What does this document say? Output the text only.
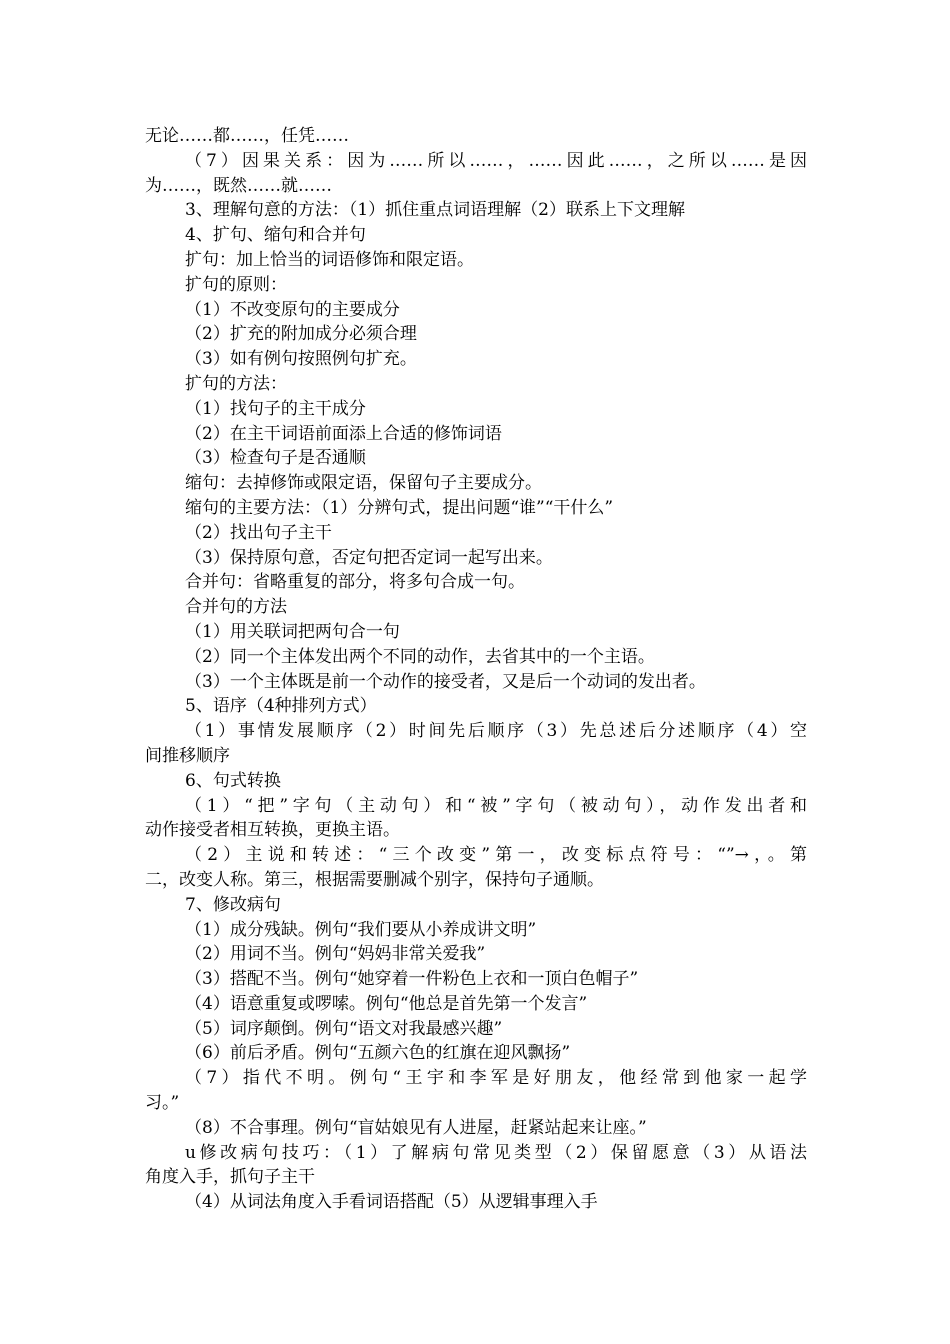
无论……都……，任凭……
（7）因果关系：因为……所以……，……因此……，之所以……是因
为……，既然……就……
3、理解句意的方法：（1）抓住重点词语理解（2）联系上下文理解
4、扩句、缩句和合并句
扩句：加上恰当的词语修饰和限定语。
扩句的原则：
（1）不改变原句的主要成分
（2）扩充的附加成分必须合理
（3）如有例句按照例句扩充。
扩句的方法：
（1）找句子的主干成分
（2）在主干词语前面添上合适的修饰词语
（3）检查句子是否通顺
缩句：去掉修饰或限定语，保留句子主要成分。
缩句的主要方法：（1）分辨句式，提出问题“谁”“干什么”
（2）找出句子主干
（3）保持原句意，否定句把否定词一起写出来。
合并句：省略重复的部分，将多句合成一句。
合并句的方法
（1）用关联词把两句合一句
（2）同一个主体发出两个不同的动作，去省其中的一个主语。
（3）一个主体既是前一个动作的接受者，又是后一个动词的发出者。
5、语序（4种排列方式）
（1）事情发展顺序（2）时间先后顺序（3）先总述后分述顺序（4）空
间推移顺序
6、句式转换
（1）“把”字句（主动句）和“被”字句（被动句），动作发出者和
动作接受者相互转换，更换主语。
（2）主说和转述：“三个改变”第一，改变标点符号：“”→，。第
二，改变人称。第三，根据需要删减个别字，保持句子通顺。
7、修改病句
（1）成分残缺。例句“我们要从小养成讲文明”
（2）用词不当。例句“妈妈非常关爱我”
（3）搭配不当。例句“她穿着一件粉色上衣和一顶白色帽子”
（4）语意重复或啰嗦。例句“他总是首先第一个发言”
（5）词序颠倒。例句“语文对我最感兴趣”
（6）前后矛盾。例句“五颜六色的红旗在迎风飘扬”
（7）指代不明。例句“王宇和李军是好朋友，他经常到他家一起学
习。”
（8）不合事理。例句“盲姑娘见有人进屋，赶紧站起来让座。”
u修改病句技巧：（1）了解病句常见类型（2）保留愿意（3）从语法
角度入手，抓句子主干
（4）从词法角度入手看词语搭配（5）从逻辑事理入手
